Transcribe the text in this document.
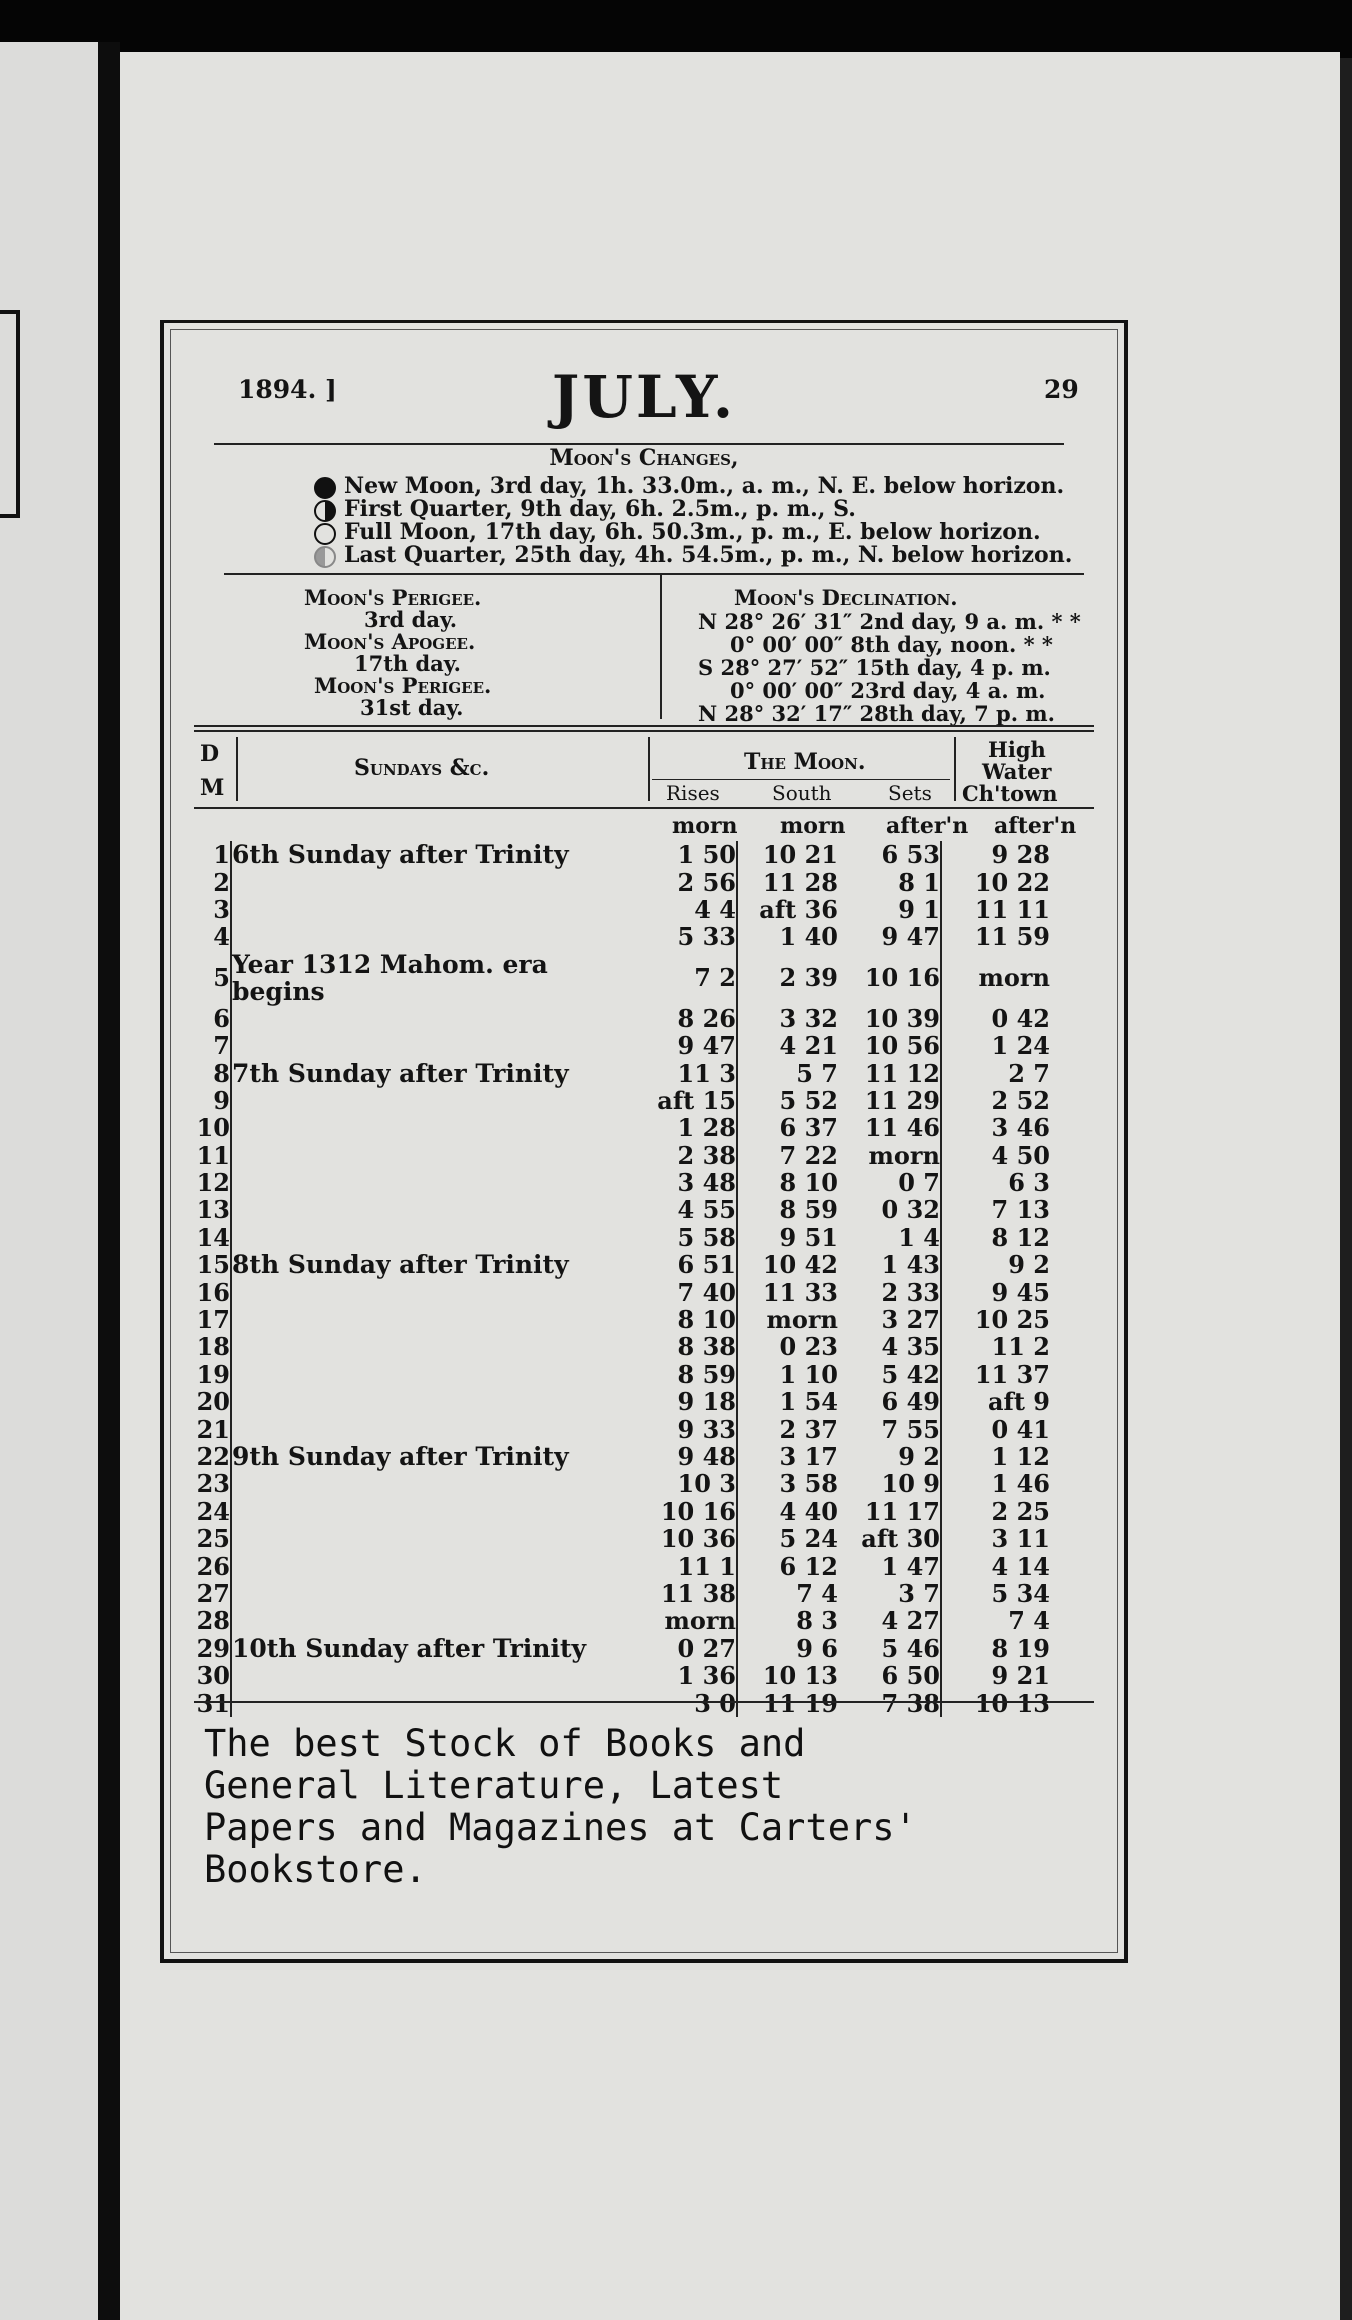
1894. ]	JULY.	29
Moon's Changes,
New Moon, 3rd day, 1h. 33.0m., a. m., N. E. below horizon.
First Quarter, 9th day, 6h. 2.5m., p. m., S.
Full Moon, 17th day, 6h. 50.3m., p. m., E. below horizon.
Last Quarter, 25th day, 4h. 54.5m., p. m., N. below horizon.
Moon's Perigee.
3rd day.
Moon's Apogee.
17th day.
Moon's Perigee.
31st day.
Moon's Declination.
N 28° 26′ 31″ 2nd day, 9 a. m. * *
0° 00′ 00″ 8th day, noon. * *
S 28° 27′ 52″ 15th day, 4 p. m.
0° 00′ 00″ 23rd day, 4 a. m.
N 28° 32′ 17″ 28th day, 7 p. m.
D
M
Sundays &c.	The Moon.
Rises	South	Sets
High
Water
Ch'town
morn morn after'n after'n
1	6th Sunday after Trinity	1 50	10 21	6 53	9 28
2		2 56	11 28	8 1	10 22
3		4 4	aft 36	9 1	11 11
4		5 33	1 40	9 47	11 59
5	Year 1312 Mahom. era begins	7 2	2 39	10 16	morn
6		8 26	3 32	10 39	0 42
7		9 47	4 21	10 56	1 24
8	7th Sunday after Trinity	11 3	5 7	11 12	2 7
9		aft 15	5 52	11 29	2 52
10		1 28	6 37	11 46	3 46
11		2 38	7 22	morn	4 50
12		3 48	8 10	0 7	6 3
13		4 55	8 59	0 32	7 13
14		5 58	9 51	1 4	8 12
15	8th Sunday after Trinity	6 51	10 42	1 43	9 2
16		7 40	11 33	2 33	9 45
17		8 10	morn	3 27	10 25
18		8 38	0 23	4 35	11 2
19		8 59	1 10	5 42	11 37
20		9 18	1 54	6 49	aft 9
21		9 33	2 37	7 55	0 41
22	9th Sunday after Trinity	9 48	3 17	9 2	1 12
23		10 3	3 58	10 9	1 46
24		10 16	4 40	11 17	2 25
25		10 36	5 24	aft 30	3 11
26		11 1	6 12	1 47	4 14
27		11 38	7 4	3 7	5 34
28		morn	8 3	4 27	7 4
29	10th Sunday after Trinity	0 27	9 6	5 46	8 19
30		1 36	10 13	6 50	9 21
31		3 0	11 19	7 38	10 13
The best Stock of Books and
General Literature, Latest
Papers and Magazines at Carters'
Bookstore.
